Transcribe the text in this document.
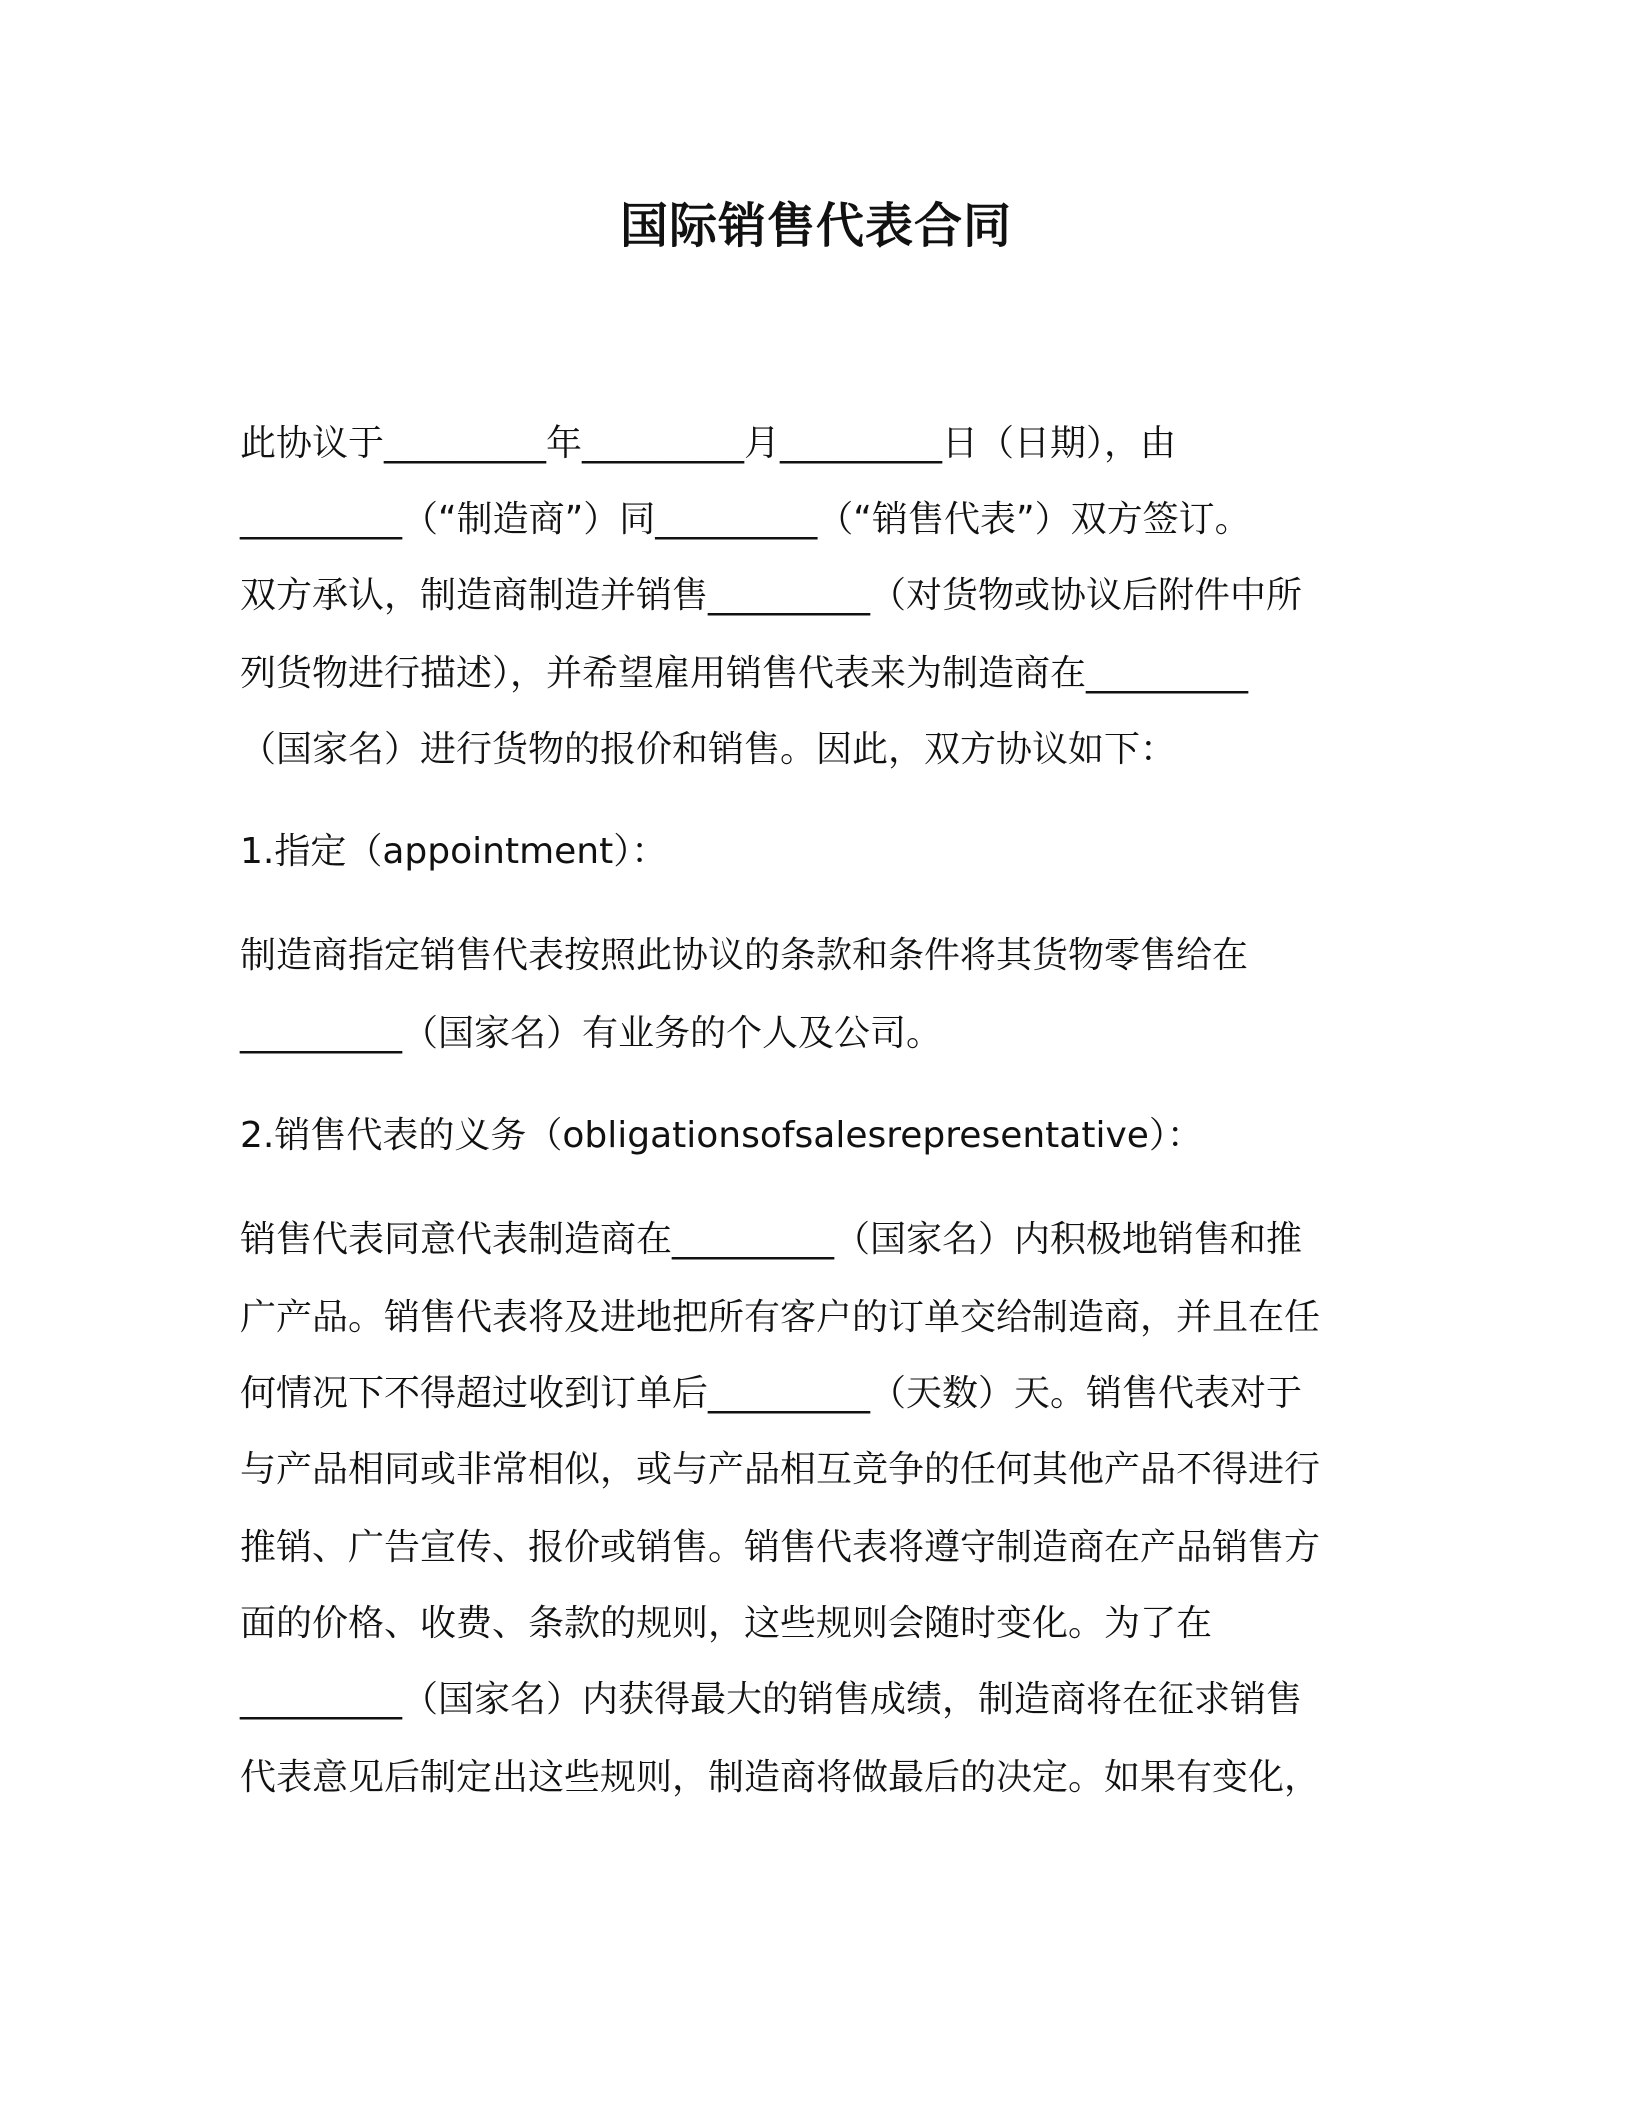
国际销售代表合同
此协议于_________年_________月_________日（日期），由
_________（“制造商”）同_________（“销售代表”）双方签订。
双方承认，制造商制造并销售_________（对货物或协议后附件中所
列货物进行描述），并希望雇用销售代表来为制造商在_________
（国家名）进行货物的报价和销售。因此，双方协议如下：
1.指定（appointment）：
制造商指定销售代表按照此协议的条款和条件将其货物零售给在
_________（国家名）有业务的个人及公司。
2.销售代表的义务（obligationsofsalesrepresentative）：
销售代表同意代表制造商在_________（国家名）内积极地销售和推
广产品。销售代表将及进地把所有客户的订单交给制造商，并且在任
何情况下不得超过收到订单后_________（天数）天。销售代表对于
与产品相同或非常相似，或与产品相互竞争的任何其他产品不得进行
推销、广告宣传、报价或销售。销售代表将遵守制造商在产品销售方
面的价格、收费、条款的规则，这些规则会随时变化。为了在
_________（国家名）内获得最大的销售成绩，制造商将在征求销售
代表意见后制定出这些规则，制造商将做最后的决定。如果有变化，
